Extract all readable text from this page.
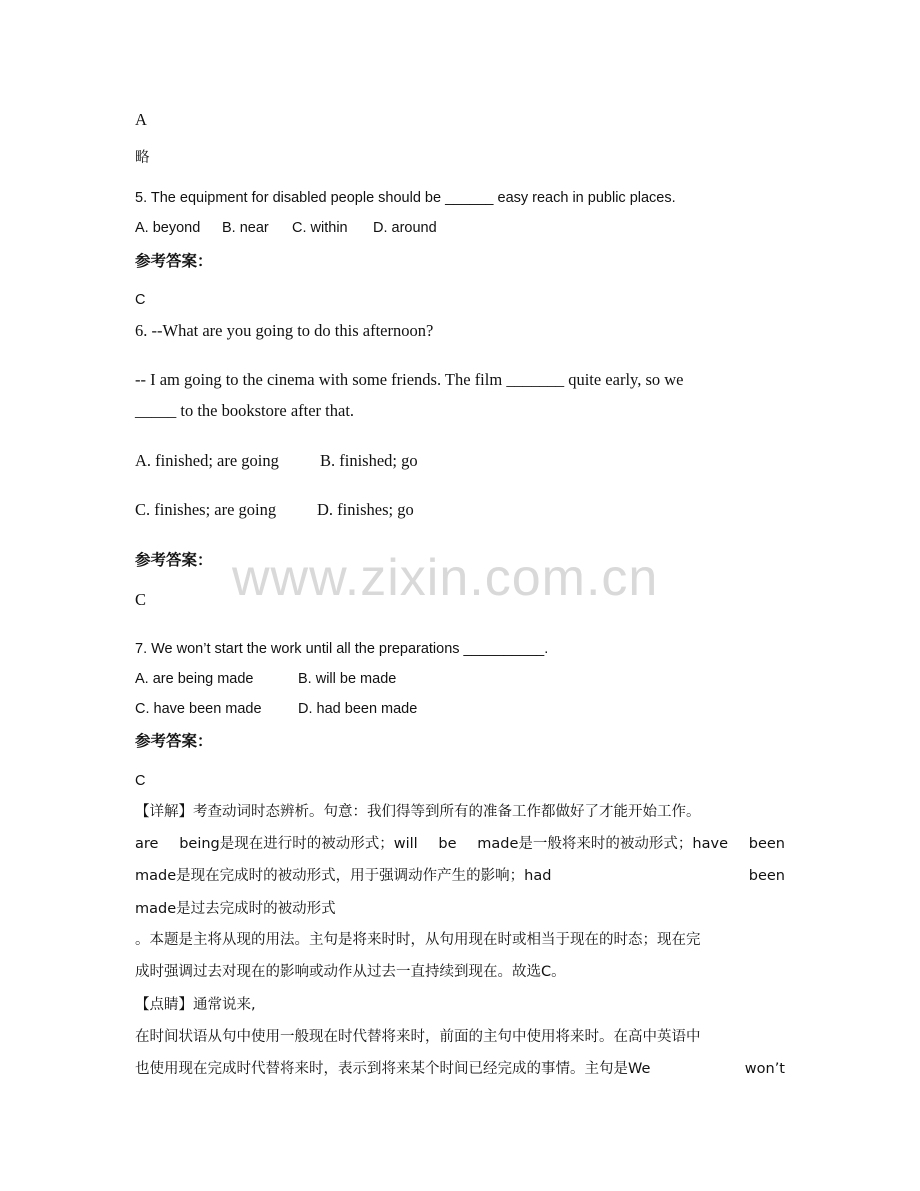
www.zixin.com.cn
A
略
5. The equipment for disabled people should be ______ easy reach in public places.
A. beyond B. near C. within D. around
参考答案：
C
6. --What are you going to do this afternoon?
-- I am going to the cinema with some friends. The film _______ quite early, so we
_____ to the bookstore after that.
A. finished; are going B. finished; go
C. finishes; are going D. finishes; go
参考答案：
C
7. We won’t start the work until all the preparations __________.
A. are being made	B. will be made
C. have been made	D. had been made
参考答案：
C
【详解】考查动词时态辨析。句意：我们得等到所有的准备工作都做好了才能开始工作。
are being是现在进行时的被动形式；will be made是一般将来时的被动形式；have been
made是现在完成时的被动形式，用于强调动作产生的影响；had	been
made是过去完成时的被动形式
。本题是主将从现的用法。主句是将来时时，从句用现在时或相当于现在的时态；现在完
成时强调过去对现在的影响或动作从过去一直持续到现在。故选C。
【点睛】通常说来,
在时间状语从句中使用一般现在时代替将来时，前面的主句中使用将来时。在高中英语中
也使用现在完成时代替将来时，表示到将来某个时间已经完成的事情。主句是We	won’t
